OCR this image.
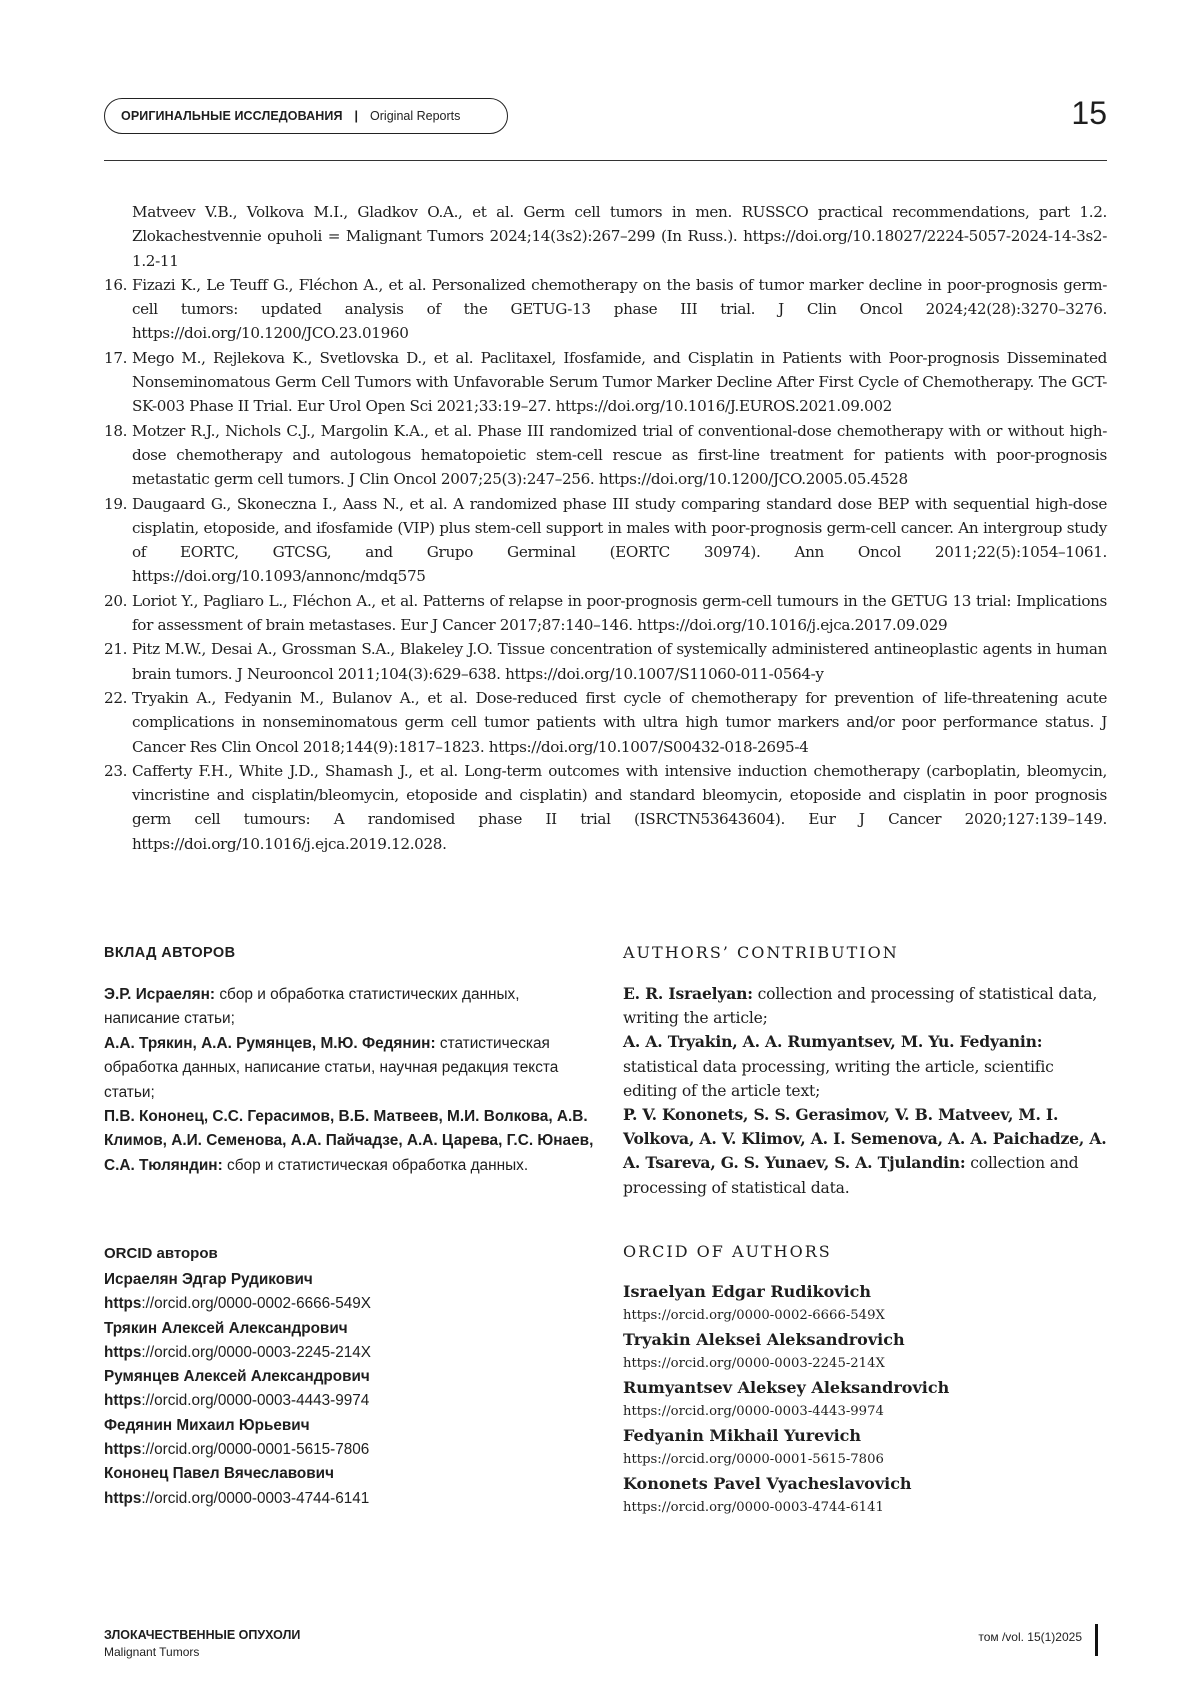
ОРИГИНАЛЬНЫЕ ИССЛЕДОВАНИЯ | Original Reports	15
Matveev V.B., Volkova M.I., Gladkov O.A., et al. Germ cell tumors in men. RUSSCO practical recommendations, part 1.2. Zlokachestvennie opuholi = Malignant Tumors 2024;14(3s2):267–299 (In Russ.). https://doi.org/10.18027/2224-5057-2024-14-3s2-1.2-11
16. Fizazi K., Le Teuff G., Fléchon A., et al. Personalized chemotherapy on the basis of tumor marker decline in poor-prognosis germ-cell tumors: updated analysis of the GETUG-13 phase III trial. J Clin Oncol 2024;42(28):3270–3276. https://doi.org/10.1200/JCO.23.01960
17. Mego M., Rejlekova K., Svetlovska D., et al. Paclitaxel, Ifosfamide, and Cisplatin in Patients with Poor-prognosis Disseminated Nonseminomatous Germ Cell Tumors with Unfavorable Serum Tumor Marker Decline After First Cycle of Chemotherapy. The GCT-SK-003 Phase II Trial. Eur Urol Open Sci 2021;33:19–27. https://doi.org/10.1016/J.EUROS.2021.09.002
18. Motzer R.J., Nichols C.J., Margolin K.A., et al. Phase III randomized trial of conventional-dose chemotherapy with or without high-dose chemotherapy and autologous hematopoietic stem-cell rescue as first-line treatment for patients with poor-prognosis metastatic germ cell tumors. J Clin Oncol 2007;25(3):247–256. https://doi.org/10.1200/JCO.2005.05.4528
19. Daugaard G., Skoneczna I., Aass N., et al. A randomized phase III study comparing standard dose BEP with sequential high-dose cisplatin, etoposide, and ifosfamide (VIP) plus stem-cell support in males with poor-prognosis germ-cell cancer. An intergroup study of EORTC, GTCSG, and Grupo Germinal (EORTC 30974). Ann Oncol 2011;22(5):1054–1061. https://doi.org/10.1093/annonc/mdq575
20. Loriot Y., Pagliaro L., Fléchon A., et al. Patterns of relapse in poor-prognosis germ-cell tumours in the GETUG 13 trial: Implications for assessment of brain metastases. Eur J Cancer 2017;87:140–146. https://doi.org/10.1016/j.ejca.2017.09.029
21. Pitz M.W., Desai A., Grossman S.A., Blakeley J.O. Tissue concentration of systemically administered antineoplastic agents in human brain tumors. J Neurooncol 2011;104(3):629–638. https://doi.org/10.1007/S11060-011-0564-y
22. Tryakin A., Fedyanin M., Bulanov A., et al. Dose-reduced first cycle of chemotherapy for prevention of life-threatening acute complications in nonseminomatous germ cell tumor patients with ultra high tumor markers and/or poor performance status. J Cancer Res Clin Oncol 2018;144(9):1817–1823. https://doi.org/10.1007/S00432-018-2695-4
23. Cafferty F.H., White J.D., Shamash J., et al. Long-term outcomes with intensive induction chemotherapy (carboplatin, bleomycin, vincristine and cisplatin/bleomycin, etoposide and cisplatin) and standard bleomycin, etoposide and cisplatin in poor prognosis germ cell tumours: A randomised phase II trial (ISRCTN53643604). Eur J Cancer 2020;127:139–149. https://doi.org/10.1016/j.ejca.2019.12.028.
ВКЛАД АВТОРОВ
Э.Р. Исраелян: сбор и обработка статистических данных, написание статьи;
А.А. Трякин, А.А. Румянцев, М.Ю. Федянин: статистическая обработка данных, написание статьи, научная редакция текста статьи;
П.В. Кононец, С.С. Герасимов, В.Б. Матвеев, М.И. Волкова, А.В. Климов, А.И. Семенова, А.А. Пайчадзе, А.А. Царева, Г.С. Юнаев, С.А. Тюляндин: сбор и статистическая обработка данных.
AUTHORS’ CONTRIBUTION
E. R. Israelyan: collection and processing of statistical data, writing the article;
A. A. Tryakin, A. A. Rumyantsev, M. Yu. Fedyanin: statistical data processing, writing the article, scientific editing of the article text;
P. V. Kononets, S. S. Gerasimov, V. B. Matveev, M. I. Volkova, A. V. Klimov, A. I. Semenova, A. A. Paichadze, A. A. Tsareva, G. S. Yunaev, S. A. Tjulandin: collection and processing of statistical data.
ORCID авторов
Исраелян Эдгар Рудикович
https://orcid.org/0000-0002-6666-549X
Трякин Алексей Александрович
https://orcid.org/0000-0003-2245-214X
Румянцев Алексей Александрович
https://orcid.org/0000-0003-4443-9974
Федянин Михаил Юрьевич
https://orcid.org/0000-0001-5615-7806
Кононец Павел Вячеславович
https://orcid.org/0000-0003-4744-6141
ORCID OF AUTHORS
Israelyan Edgar Rudikovich
https://orcid.org/0000-0002-6666-549X
Tryakin Aleksei Aleksandrovich
https://orcid.org/0000-0003-2245-214X
Rumyantsev Aleksey Aleksandrovich
https://orcid.org/0000-0003-4443-9974
Fedyanin Mikhail Yurevich
https://orcid.org/0000-0001-5615-7806
Kononets Pavel Vyacheslavovich
https://orcid.org/0000-0003-4744-6141
ЗЛОКАЧЕСТВЕННЫЕ ОПУХОЛИ
Malignant Tumors
том /vol. 15(1)2025
